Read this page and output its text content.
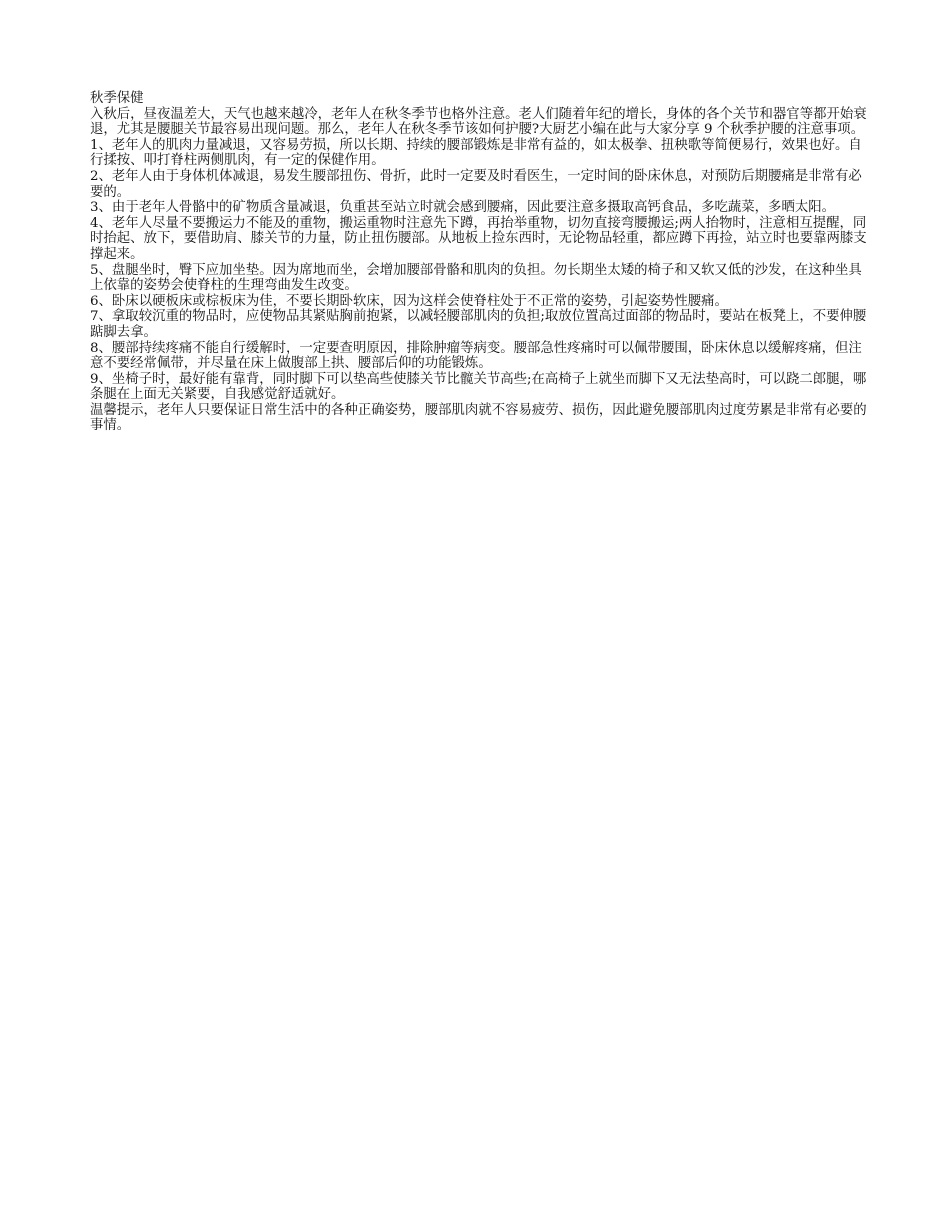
秋季保健

入秋后，昼夜温差大，天气也越来越冷，老年人在秋冬季节也格外注意。老人们随着年纪的增长，身体的各个关节和器官等都开始衰退，尤其是腰腿关节最容易出现问题。那么，老年人在秋冬季节该如何护腰?大厨艺小编在此与大家分享 9 个秋季护腰的注意事项。

1、老年人的肌肉力量减退，又容易劳损，所以长期、持续的腰部锻炼是非常有益的，如太极拳、扭秧歌等简便易行，效果也好。自行揉按、叩打脊柱两侧肌肉，有一定的保健作用。

2、老年人由于身体机体减退，易发生腰部扭伤、骨折，此时一定要及时看医生，一定时间的卧床休息，对预防后期腰痛是非常有必要的。

3、由于老年人骨骼中的矿物质含量减退，负重甚至站立时就会感到腰痛，因此要注意多摄取高钙食品，多吃蔬菜，多晒太阳。

4、老年人尽量不要搬运力不能及的重物，搬运重物时注意先下蹲，再抬举重物，切勿直接弯腰搬运;两人抬物时，注意相互提醒，同时抬起、放下，要借助肩、膝关节的力量，防止扭伤腰部。从地板上捡东西时，无论物品轻重，都应蹲下再捡，站立时也要靠两膝支撑起来。

5、盘腿坐时，臀下应加坐垫。因为席地而坐，会增加腰部骨骼和肌肉的负担。勿长期坐太矮的椅子和又软又低的沙发，在这种坐具上依靠的姿势会使脊柱的生理弯曲发生改变。

6、卧床以硬板床或棕板床为佳，不要长期卧软床，因为这样会使脊柱处于不正常的姿势，引起姿势性腰痛。

7、拿取较沉重的物品时，应使物品其紧贴胸前抱紧，以减轻腰部肌肉的负担;取放位置高过面部的物品时，要站在板凳上，不要伸腰踮脚去拿。

8、腰部持续疼痛不能自行缓解时，一定要查明原因，排除肿瘤等病变。腰部急性疼痛时可以佩带腰围，卧床休息以缓解疼痛，但注意不要经常佩带，并尽量在床上做腹部上拱、腰部后仰的功能锻炼。

9、坐椅子时，最好能有靠背，同时脚下可以垫高些使膝关节比髋关节高些;在高椅子上就坐而脚下又无法垫高时，可以跷二郎腿，哪条腿在上面无关紧要，自我感觉舒适就好。

温馨提示，老年人只要保证日常生活中的各种正确姿势，腰部肌肉就不容易疲劳、损伤，因此避免腰部肌肉过度劳累是非常有必要的事情。
